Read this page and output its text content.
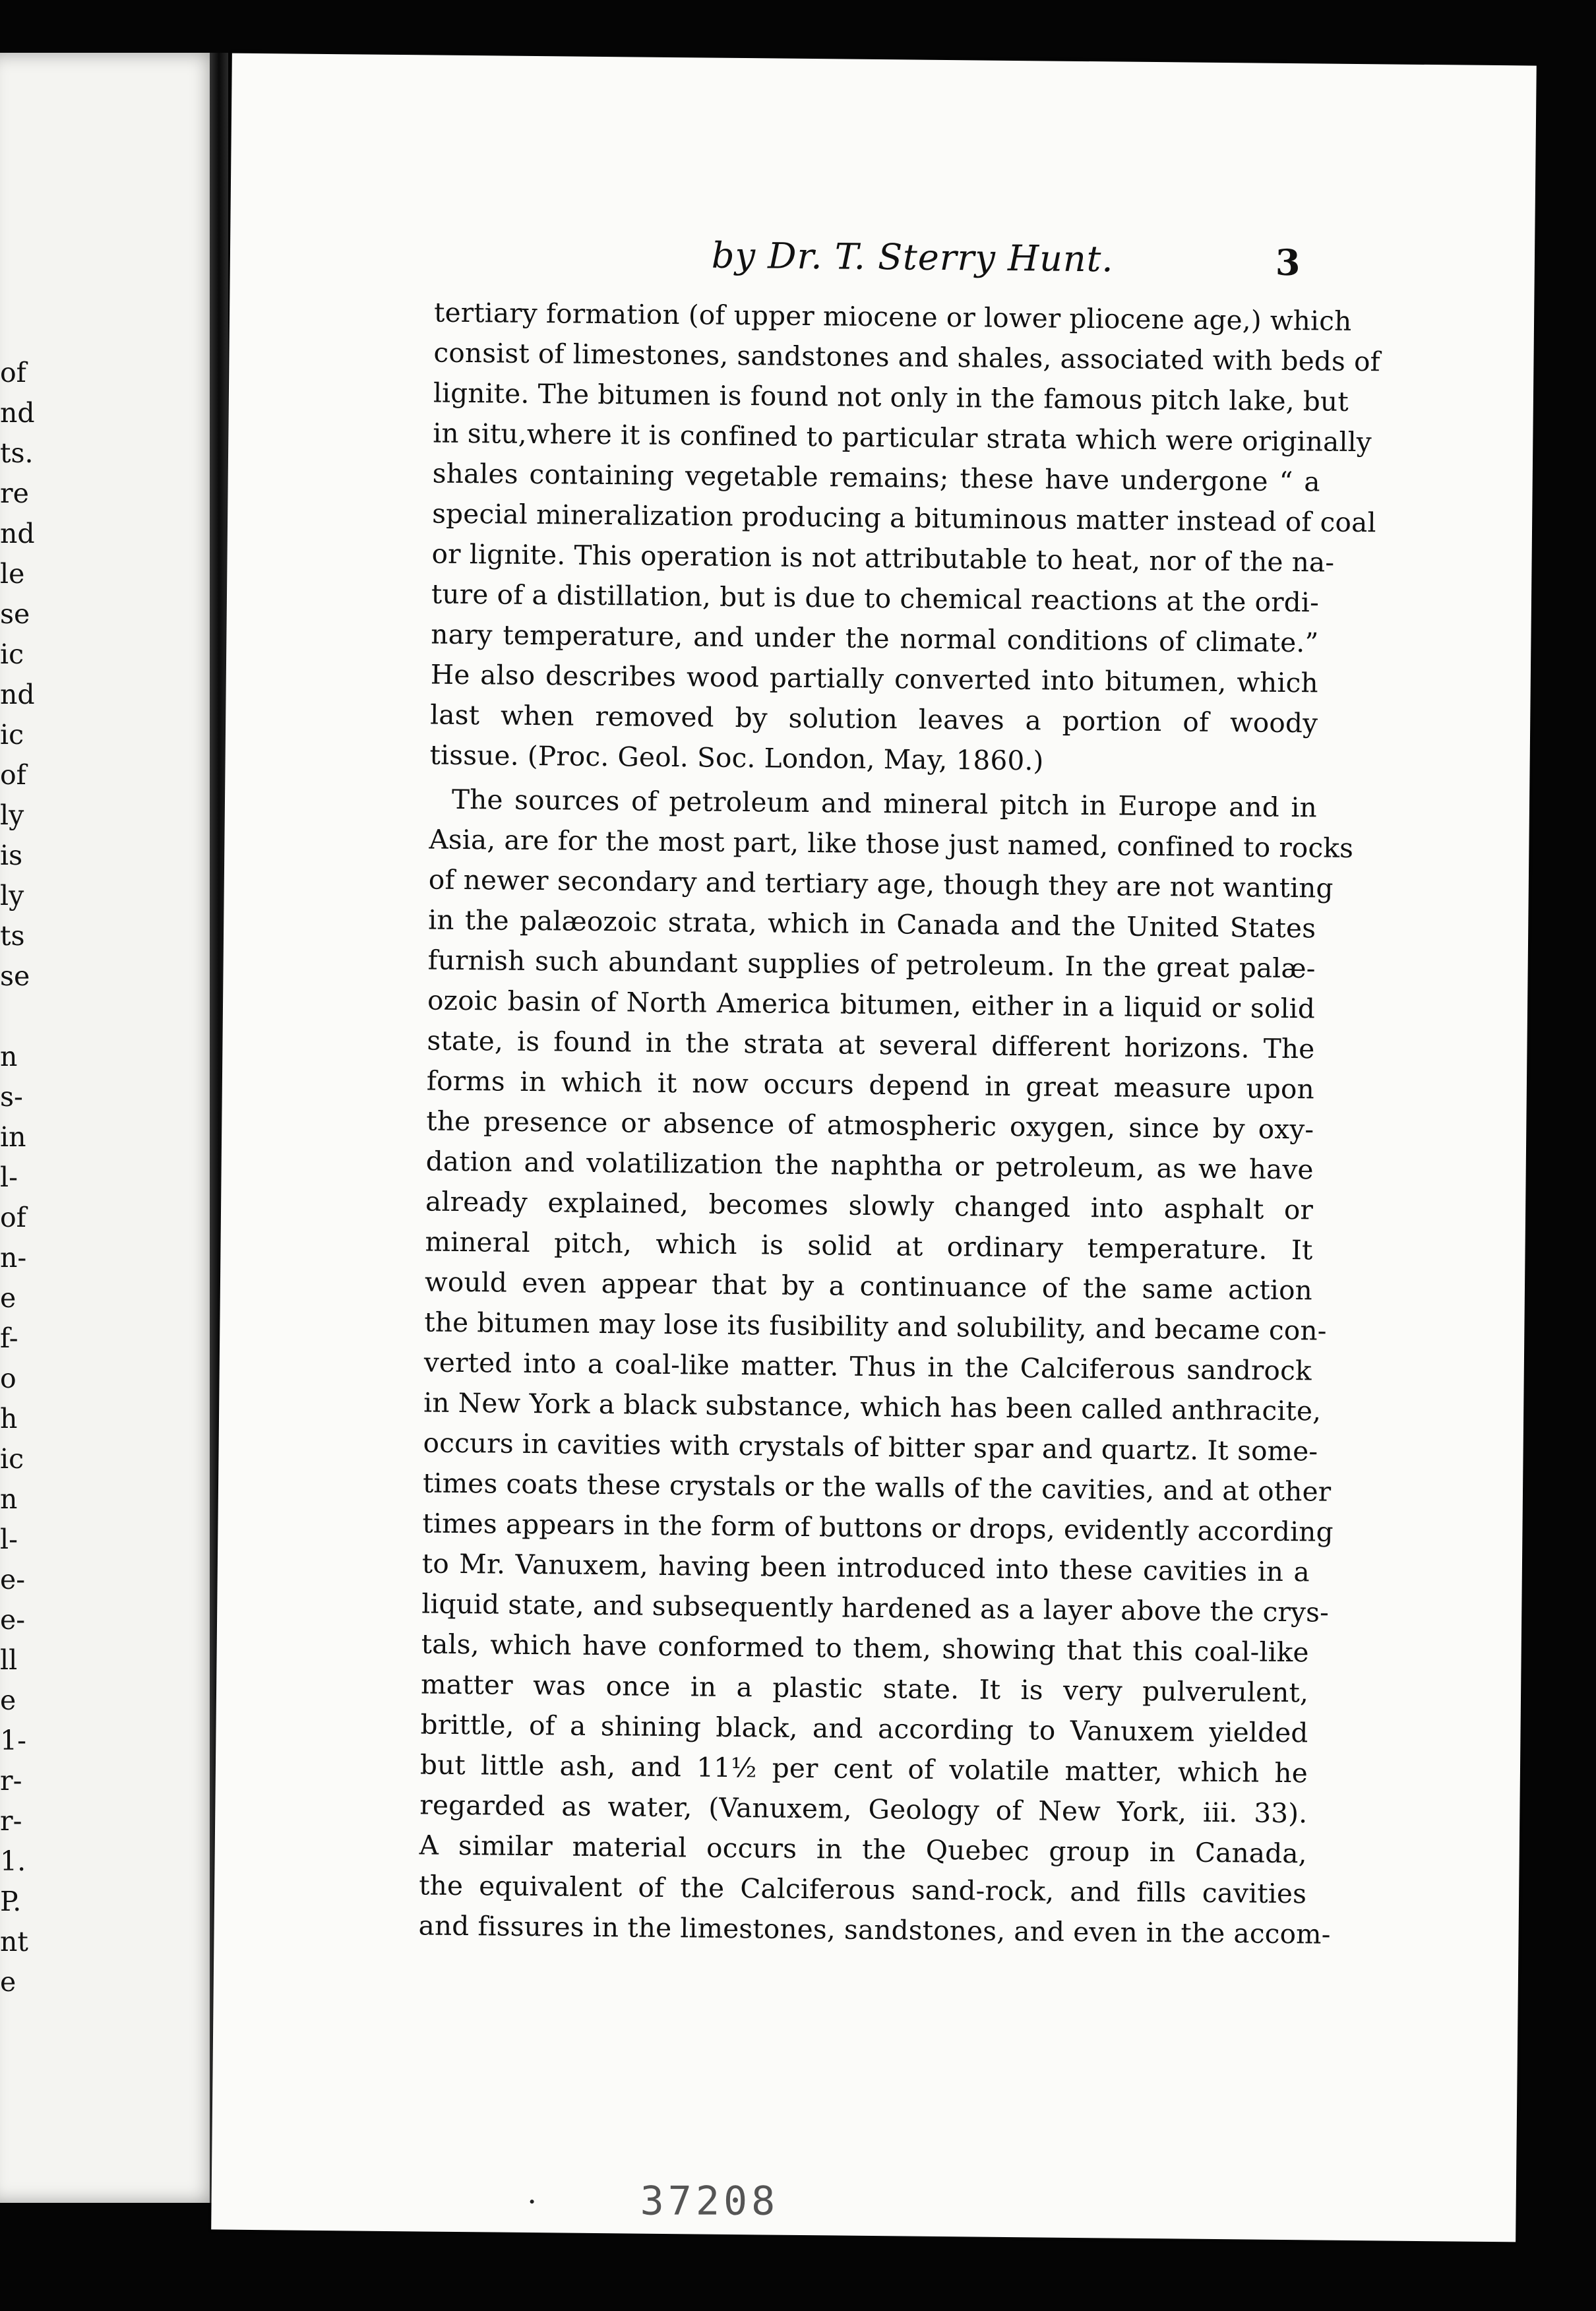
of
nd
ts.
re
nd
le
se
ic
nd
ic
of
ly
is
ly
ts
se
n
s-
in
l-
of
n-
e
f-
o
h
ic
n
l-
e-
e-
ll
e
1-
r-
r-
1.
P.
nt
e
by Dr. T. Sterry Hunt.	3
tertiary formation (of upper miocene or lower pliocene age,) which
consist of limestones, sandstones and shales, associated with beds of
lignite. The bitumen is found not only in the famous pitch lake, but
in situ,where it is confined to particular strata which were originally
shales containing vegetable remains; these have undergone “ a
special mineralization producing a bituminous matter instead of coal
or lignite. This operation is not attributable to heat, nor of the na-
ture of a distillation, but is due to chemical reactions at the ordi-
nary temperature, and under the normal conditions of climate.”
He also describes wood partially converted into bitumen, which
last when removed by solution leaves a portion of woody
tissue. (Proc. Geol. Soc. London, May, 1860.)
The sources of petroleum and mineral pitch in Europe and in
Asia, are for the most part, like those just named, confined to rocks
of newer secondary and tertiary age, though they are not wanting
in the palæozoic strata, which in Canada and the United States
furnish such abundant supplies of petroleum. In the great palæ-
ozoic basin of North America bitumen, either in a liquid or solid
state, is found in the strata at several different horizons. The
forms in which it now occurs depend in great measure upon
the presence or absence of atmospheric oxygen, since by oxy-
dation and volatilization the naphtha or petroleum, as we have
already explained, becomes slowly changed into asphalt or
mineral pitch, which is solid at ordinary temperature. It
would even appear that by a continuance of the same action
the bitumen may lose its fusibility and solubility, and became con-
verted into a coal-like matter. Thus in the Calciferous sandrock
in New York a black substance, which has been called anthracite,
occurs in cavities with crystals of bitter spar and quartz. It some-
times coats these crystals or the walls of the cavities, and at other
times appears in the form of buttons or drops, evidently according
to Mr. Vanuxem, having been introduced into these cavities in a
liquid state, and subsequently hardened as a layer above the crys-
tals, which have conformed to them, showing that this coal-like
matter was once in a plastic state. It is very pulverulent,
brittle, of a shining black, and according to Vanuxem yielded
but little ash, and 11½ per cent of volatile matter, which he
regarded as water, (Vanuxem, Geology of New York, iii. 33).
A similar material occurs in the Quebec group in Canada,
the equivalent of the Calciferous sand-rock, and fills cavities
and fissures in the limestones, sandstones, and even in the accom-
37208
